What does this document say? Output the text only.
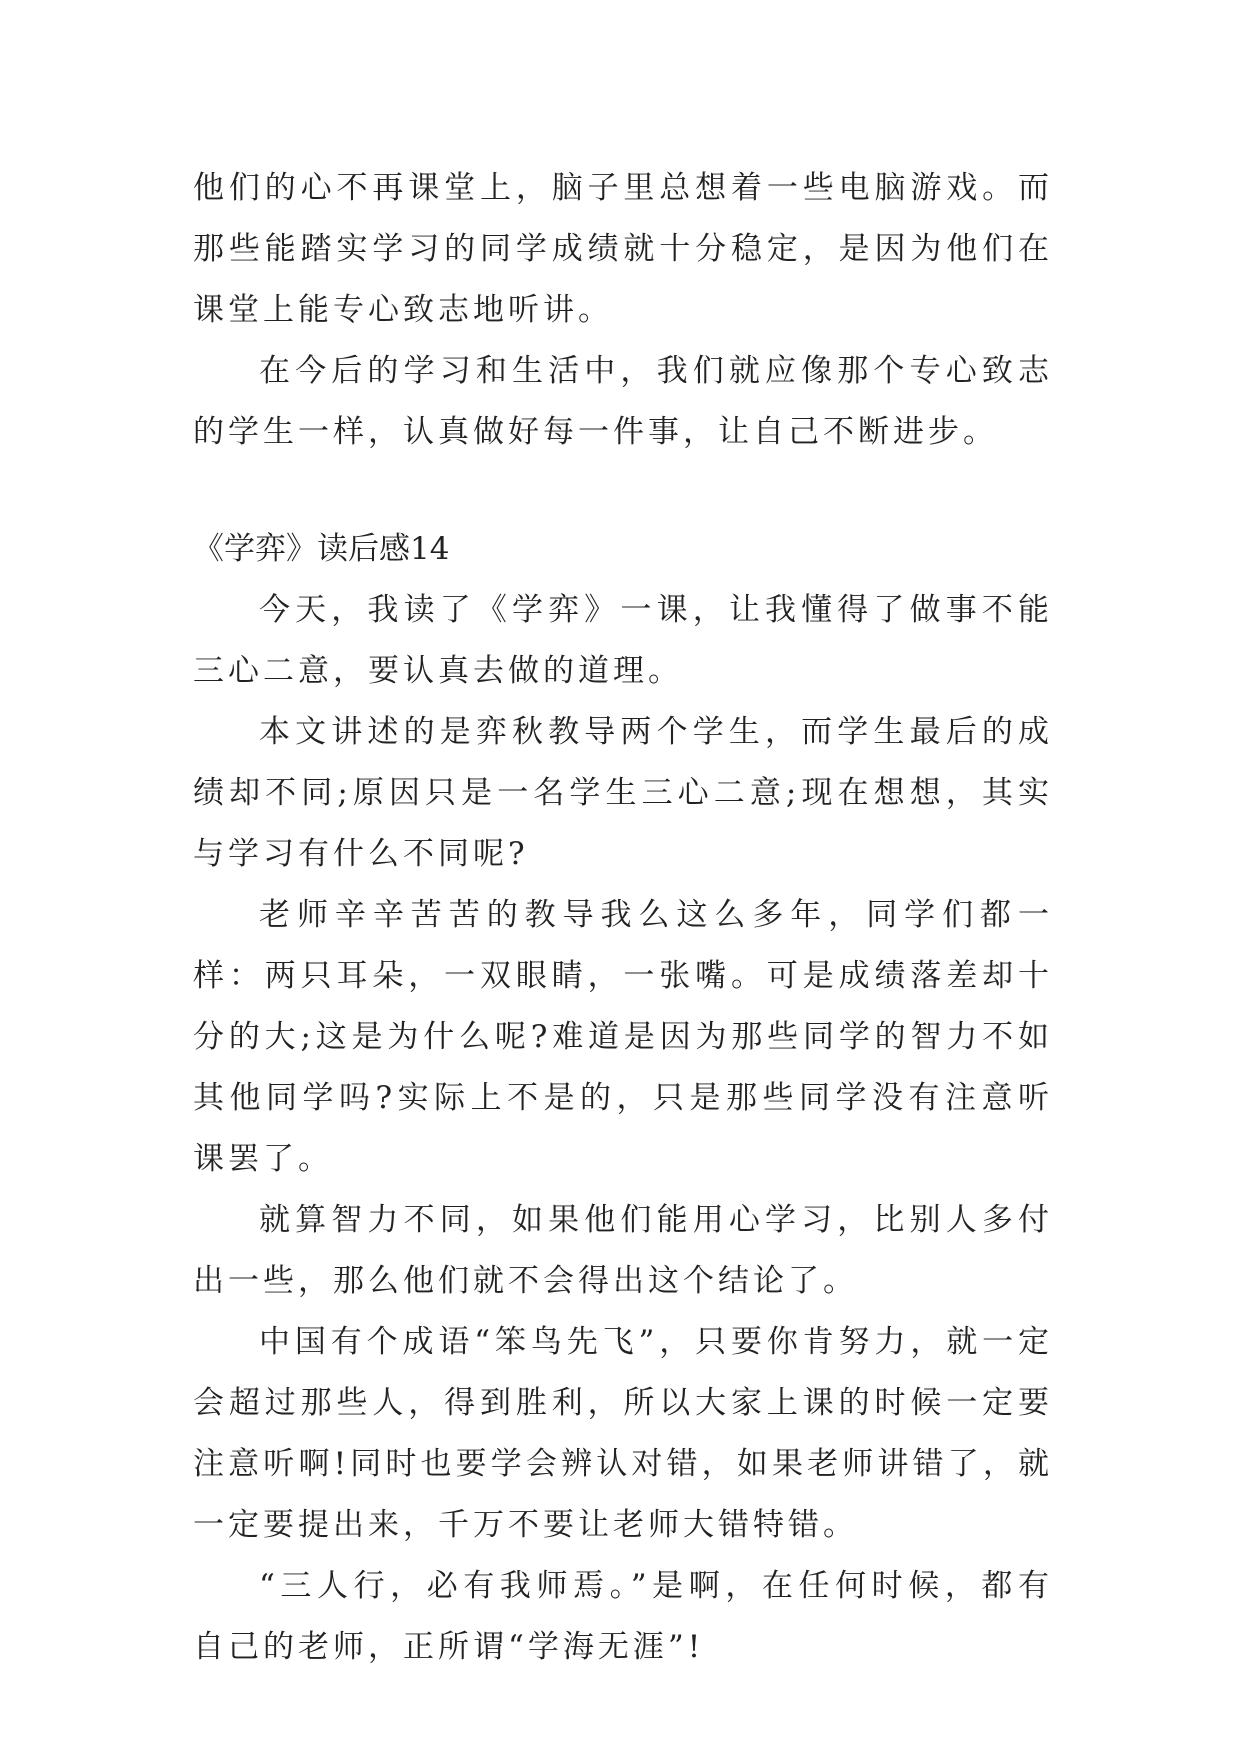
他们的心不再课堂上，脑子里总想着一些电脑游戏。而那些能踏实学习的同学成绩就十分稳定，是因为他们在课堂上能专心致志地听讲。

在今后的学习和生活中，我们就应像那个专心致志的学生一样，认真做好每一件事，让自己不断进步。

《学弈》读后感14

今天，我读了《学弈》一课，让我懂得了做事不能三心二意，要认真去做的道理。

本文讲述的是弈秋教导两个学生，而学生最后的成绩却不同;原因只是一名学生三心二意;现在想想，其实与学习有什么不同呢?

老师辛辛苦苦的教导我么这么多年，同学们都一样：两只耳朵，一双眼睛，一张嘴。可是成绩落差却十分的大;这是为什么呢?难道是因为那些同学的智力不如其他同学吗?实际上不是的，只是那些同学没有注意听课罢了。

就算智力不同，如果他们能用心学习，比别人多付出一些，那么他们就不会得出这个结论了。

中国有个成语“笨鸟先飞”，只要你肯努力，就一定会超过那些人，得到胜利，所以大家上课的时候一定要注意听啊!同时也要学会辨认对错，如果老师讲错了，就一定要提出来，千万不要让老师大错特错。

“三人行，必有我师焉。”是啊，在任何时候，都有自己的老师，正所谓“学海无涯”!
